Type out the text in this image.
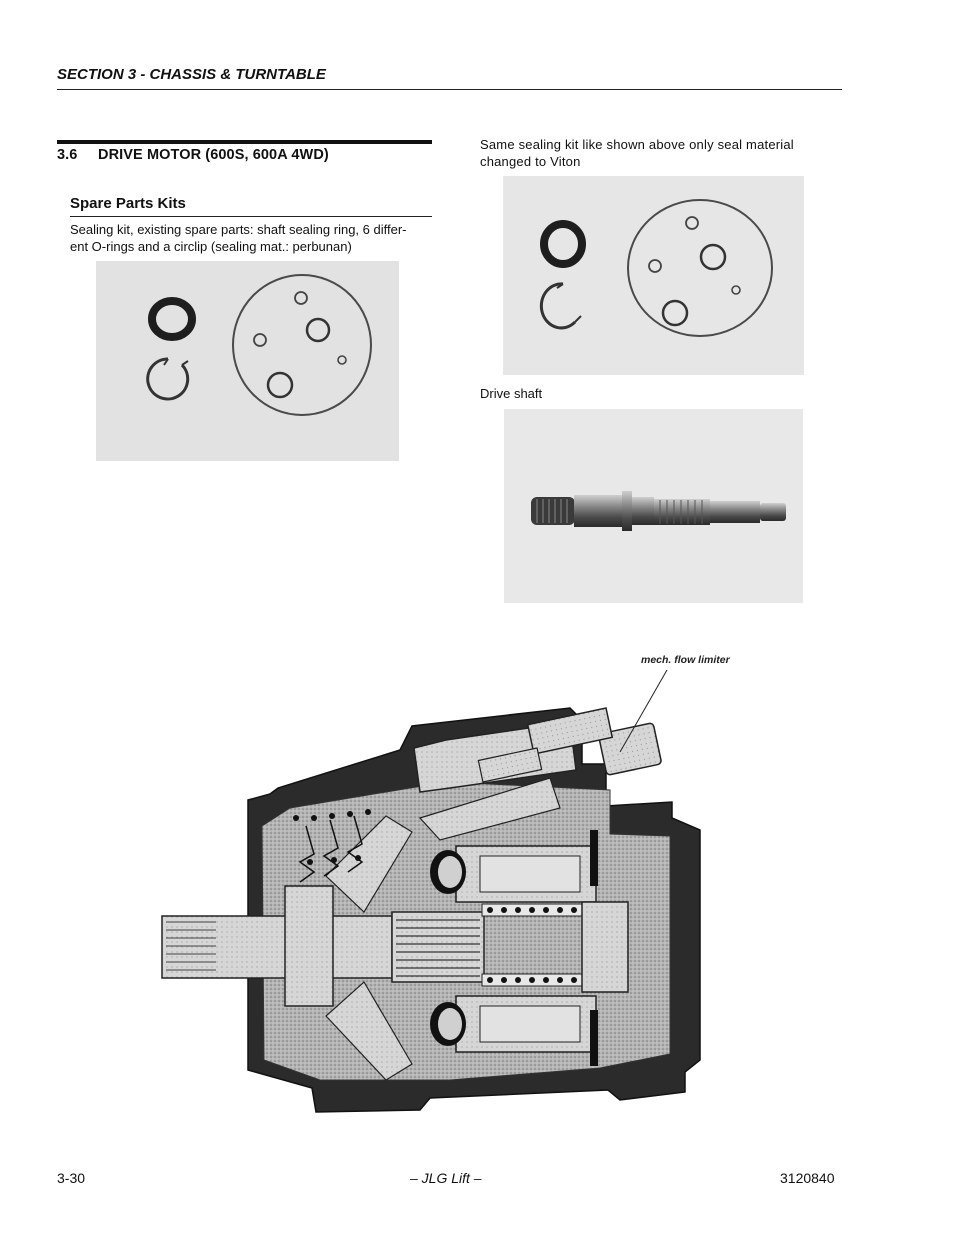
SECTION 3 - CHASSIS & TURNTABLE
3.6 DRIVE MOTOR (600S, 600A 4WD)
Spare Parts Kits
Sealing kit, existing spare parts: shaft sealing ring, 6 differ-
ent O-rings and a circlip (sealing mat.: perbunan)
Same sealing kit like shown above only seal material
changed to Viton
Drive shaft
mech. flow limiter
3-30	– JLG Lift –	3120840
